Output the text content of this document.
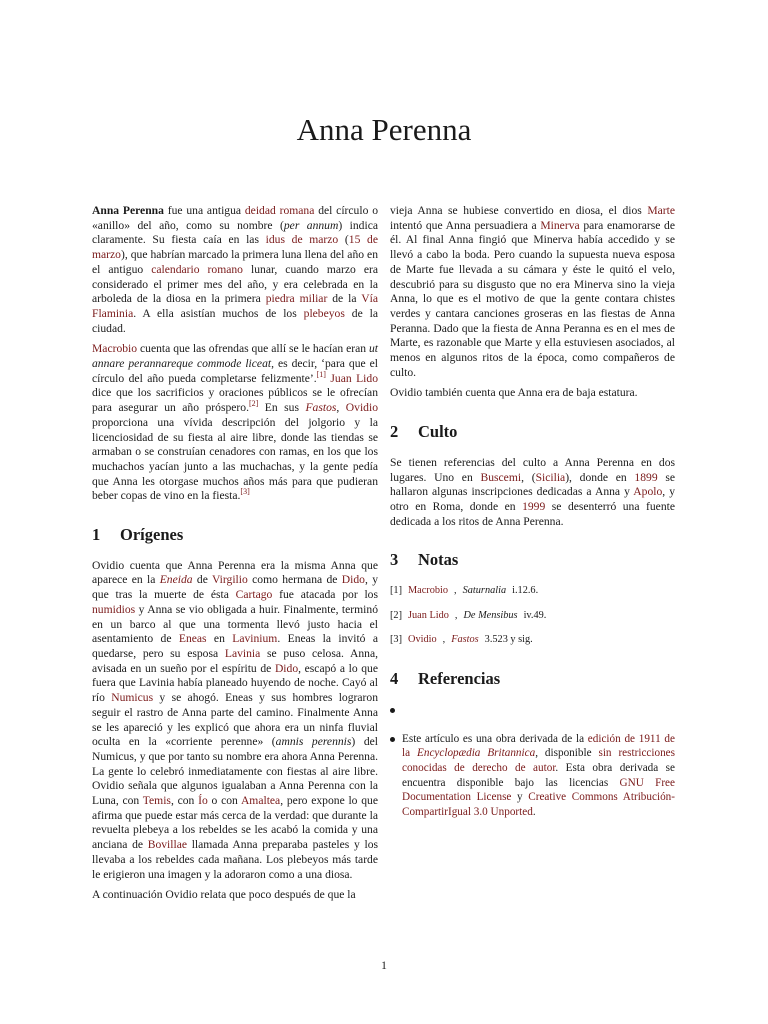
Anna Perenna

Anna Perenna fue una antigua deidad romana del círculo o «anillo» del año, como su nombre (per annum) indica claramente. Su fiesta caía en las idus de marzo (15 de marzo), que habrían marcado la primera luna llena del año en el antiguo calendario romano lunar, cuando marzo era considerado el primer mes del año, y era celebrada en la arboleda de la diosa en la primera piedra miliar de la Vía Flaminia. A ella asistían muchos de los plebeyos de la ciudad.

Macrobio cuenta que las ofrendas que allí se le hacían eran ut annare perannareque commode liceat, es decir, ‘para que el círculo del año pueda completarse felizmente’.[1] Juan Lido dice que los sacrificios y oraciones públicos se le ofrecían para asegurar un año próspero.[2] En sus Fastos, Ovidio proporciona una vívida descripción del jolgorio y la licenciosidad de su fiesta al aire libre, donde las tiendas se armaban o se construían cenadores con ramas, en los que los muchachos yacían junto a las muchachas, y la gente pedía que Anna les otorgase muchos años más para que pudieran beber copas de vino en la fiesta.[3]

1 Orígenes

Ovidio cuenta que Anna Perenna era la misma Anna que aparece en la Eneida de Virgilio como hermana de Dido, y que tras la muerte de ésta Cartago fue atacada por los numidios y Anna se vio obligada a huir. Finalmente, terminó en un barco al que una tormenta llevó justo hacia el asentamiento de Eneas en Lavinium. Eneas la invitó a quedarse, pero su esposa Lavinia se puso celosa. Anna, avisada en un sueño por el espíritu de Dido, escapó a lo que fuera que Lavinia había planeado huyendo de noche. Cayó al río Numicus y se ahogó. Eneas y sus hombres lograron seguir el rastro de Anna parte del camino. Finalmente Anna se les apareció y les explicó que ahora era un ninfa fluvial oculta en la «corriente perenne» (amnis perennis) del Numicus, y que por tanto su nombre era ahora Anna Perenna. La gente lo celebró inmediatamente con fiestas al aire libre. Ovidio señala que algunos igualaban a Anna Perenna con la Luna, con Temis, con Ío o con Amaltea, pero expone lo que afirma que puede estar más cerca de la verdad: que durante la revuelta plebeya a los rebeldes se les acabó la comida y una anciana de Bovillae llamada Anna preparaba pasteles y los llevaba a los rebeldes cada mañana. Los plebeyos más tarde le erigieron una imagen y la adoraron como a una diosa.

A continuación Ovidio relata que poco después de que la

vieja Anna se hubiese convertido en diosa, el dios Marte intentó que Anna persuadiera a Minerva para enamorarse de él. Al final Anna fingió que Minerva había accedido y se llevó a cabo la boda. Pero cuando la supuesta nueva esposa de Marte fue llevada a su cámara y éste le quitó el velo, descubrió para su disgusto que no era Minerva sino la vieja Anna, lo que es el motivo de que la gente contara chistes verdes y cantara canciones groseras en las fiestas de Anna Peranna. Dado que la fiesta de Anna Peranna es en el mes de Marte, es razonable que Marte y ella estuviesen asociados, al menos en algunos ritos de la época, como compañeros de culto.

Ovidio también cuenta que Anna era de baja estatura.

2 Culto

Se tienen referencias del culto a Anna Perenna en dos lugares. Uno en Buscemi, (Sicilia), donde en 1899 se hallaron algunas inscripciones dedicadas a Anna y Apolo, y otro en Roma, donde en 1999 se desenterró una fuente dedicada a los ritos de Anna Perenna.

3 Notas
[1] Macrobio , Saturnalia i.12.6.
[2] Juan Lido , De Mensibus iv.49.
[3] Ovidio , Fastos 3.523 y sig.
4 Referencias

Este artículo es una obra derivada de la edición de 1911 de la Encyclopædia Britannica, disponible sin restricciones conocidas de derecho de autor. Esta obra derivada se encuentra disponible bajo las licencias GNU Free Documentation License y Creative Commons Atribución-CompartirIgual 3.0 Unported.
1
